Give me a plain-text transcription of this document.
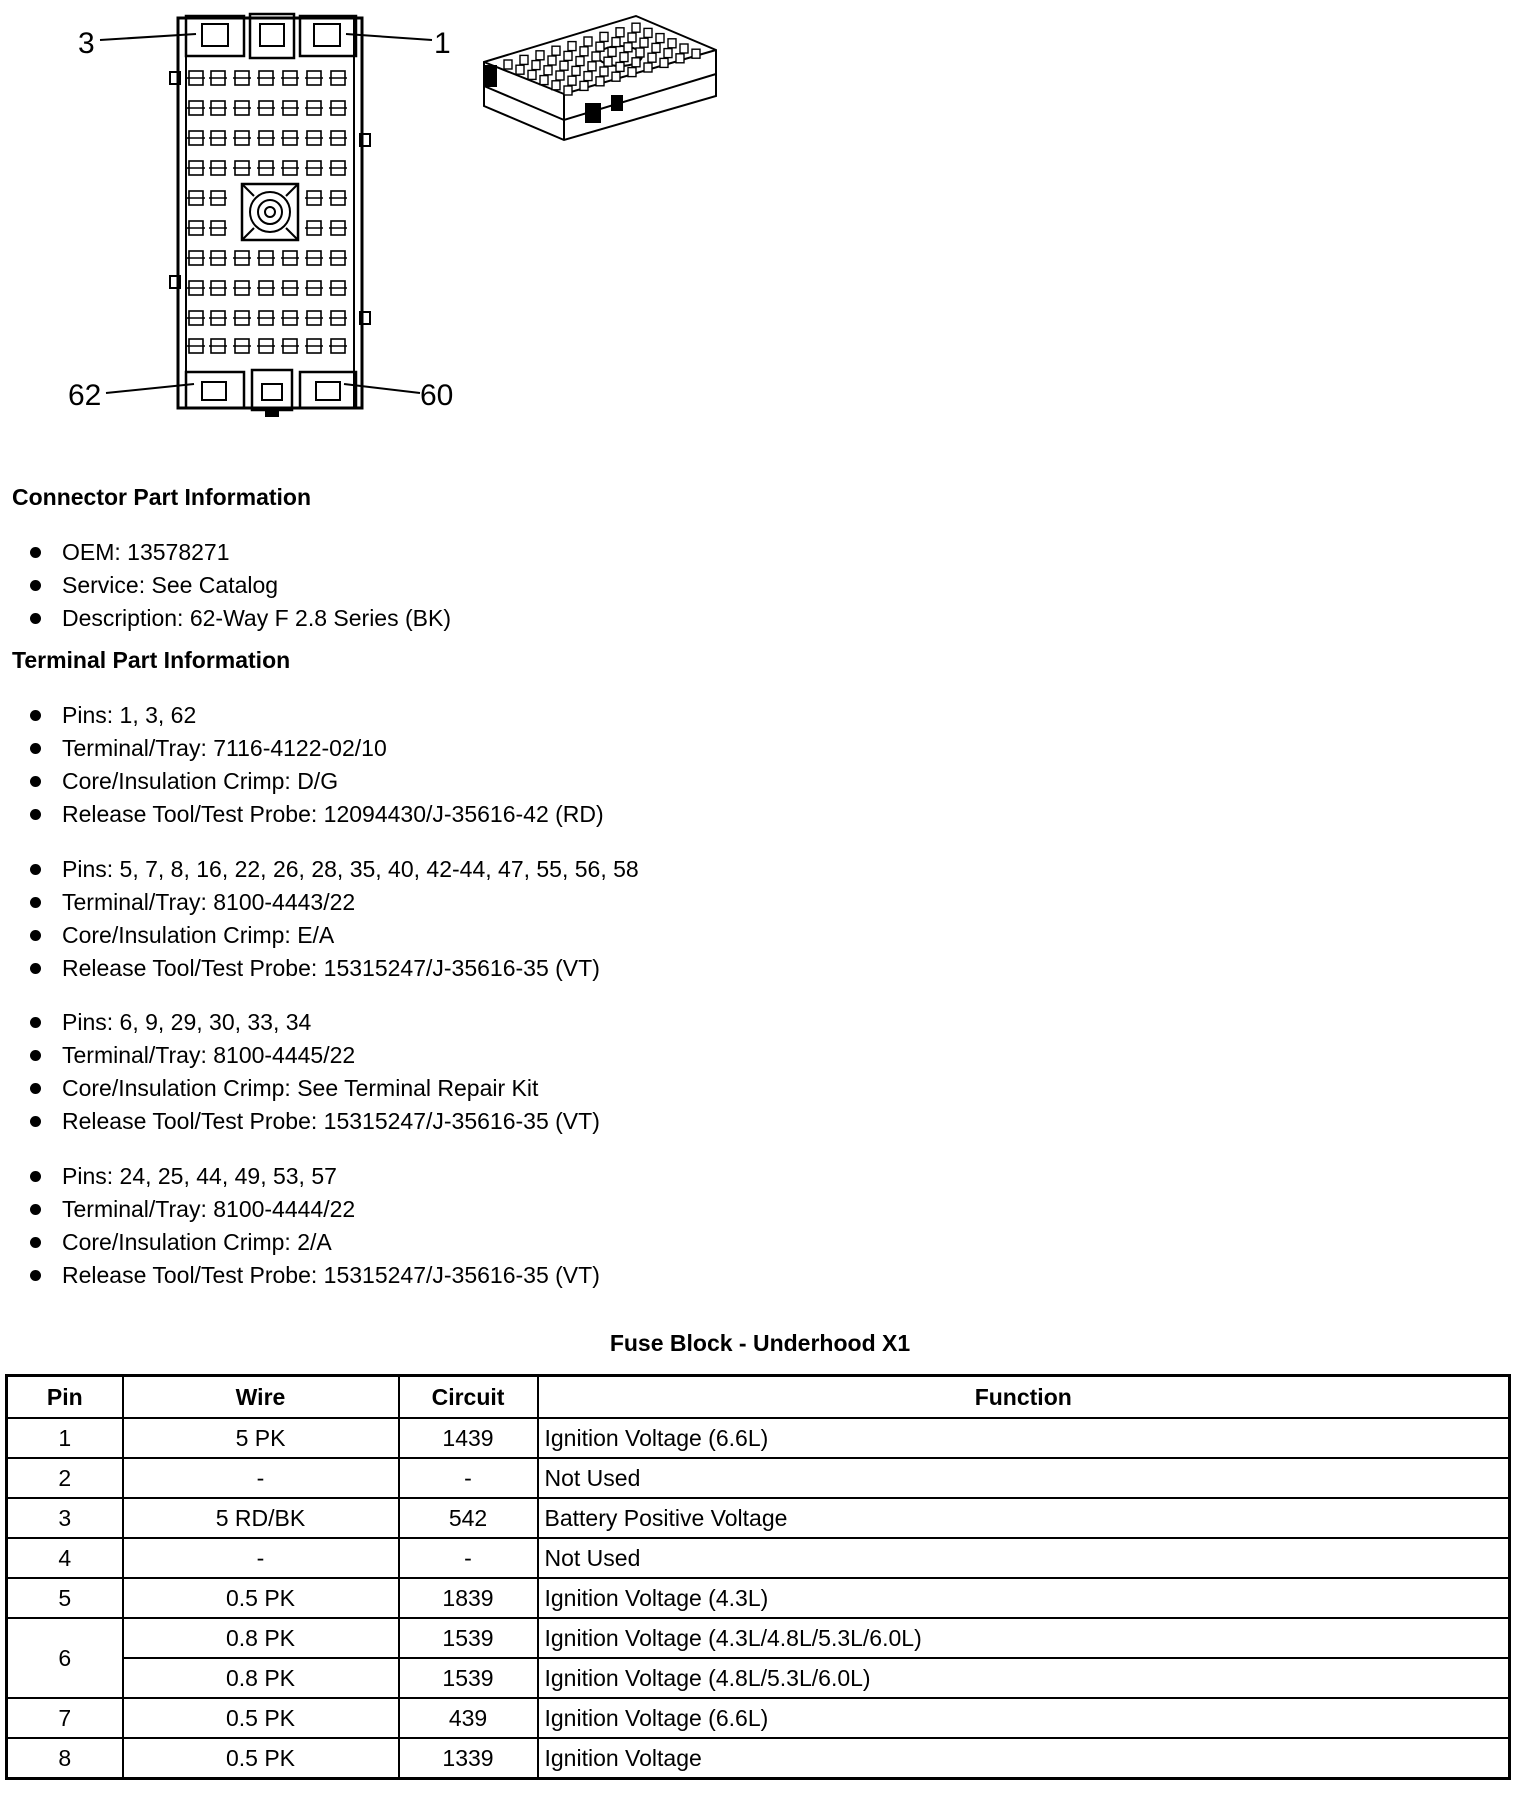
3	1
62	60
Connector Part Information
OEM: 13578271
Service: See Catalog
Description: 62-Way F 2.8 Series (BK)
Terminal Part Information
Pins: 1, 3, 62
Terminal/Tray: 7116-4122-02/10
Core/Insulation Crimp: D/G
Release Tool/Test Probe: 12094430/J-35616-42 (RD)
Pins: 5, 7, 8, 16, 22, 26, 28, 35, 40, 42-44, 47, 55, 56, 58
Terminal/Tray: 8100-4443/22
Core/Insulation Crimp: E/A
Release Tool/Test Probe: 15315247/J-35616-35 (VT)
Pins: 6, 9, 29, 30, 33, 34
Terminal/Tray: 8100-4445/22
Core/Insulation Crimp: See Terminal Repair Kit
Release Tool/Test Probe: 15315247/J-35616-35 (VT)
Pins: 24, 25, 44, 49, 53, 57
Terminal/Tray: 8100-4444/22
Core/Insulation Crimp: 2/A
Release Tool/Test Probe: 15315247/J-35616-35 (VT)
Fuse Block - Underhood X1
Pin	Wire	Circuit	Function
1	5 PK	1439	Ignition Voltage (6.6L)
2	-	-	Not Used
3	5 RD/BK	542	Battery Positive Voltage
4	-	-	Not Used
5	0.5 PK	1839	Ignition Voltage (4.3L)
6	0.8 PK	1539	Ignition Voltage (4.3L/4.8L/5.3L/6.0L)
	0.8 PK	1539	Ignition Voltage (4.8L/5.3L/6.0L)
7	0.5 PK	439	Ignition Voltage (6.6L)
8	0.5 PK	1339	Ignition Voltage
